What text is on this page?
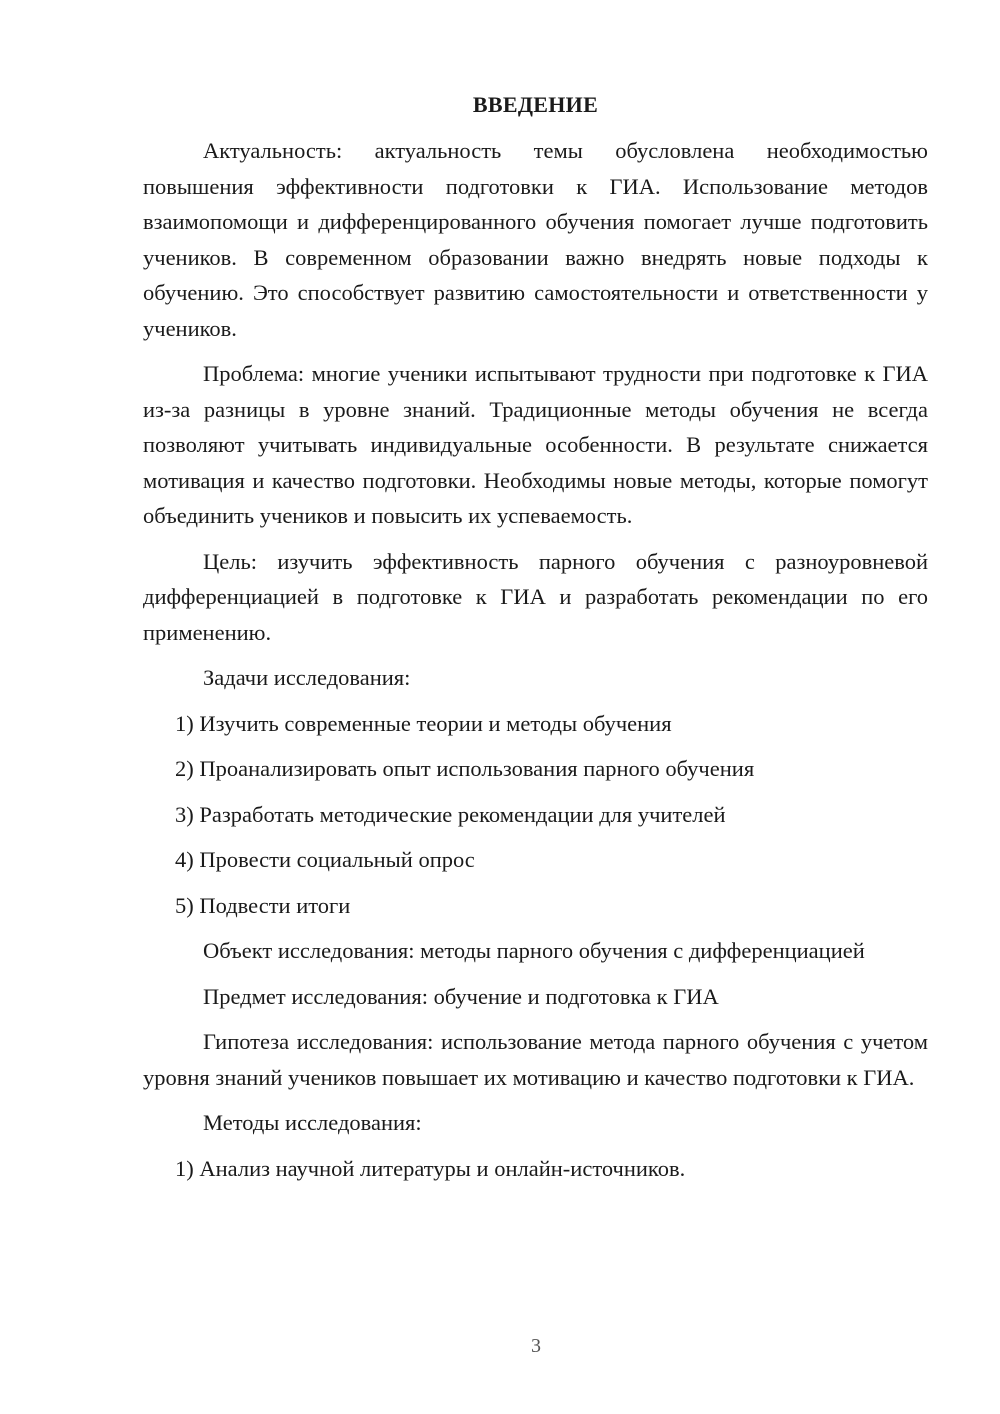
ВВЕДЕНИЕ

Актуальность: актуальность темы обусловлена необходимостью повышения эффективности подготовки к ГИА. Использование методов взаимопомощи и дифференцированного обучения помогает лучше подготовить учеников. В современном образовании важно внедрять новые подходы к обучению. Это способствует развитию самостоятельности и ответственности у учеников.

Проблема: многие ученики испытывают трудности при подготовке к ГИА из-за разницы в уровне знаний. Традиционные методы обучения не всегда позволяют учитывать индивидуальные особенности. В результате снижается мотивация и качество подготовки. Необходимы новые методы, которые помогут объединить учеников и повысить их успеваемость.

Цель: изучить эффективность парного обучения с разноуровневой дифференциацией в подготовке к ГИА и разработать рекомендации по его применению.

Задачи исследования:
1) Изучить современные теории и методы обучения
2) Проанализировать опыт использования парного обучения
3) Разработать методические рекомендации для учителей
4) Провести социальный опрос
5) Подвести итоги

Объект исследования: методы парного обучения с дифференциацией

Предмет исследования: обучение и подготовка к ГИА

Гипотеза исследования: использование метода парного обучения с учетом уровня знаний учеников повышает их мотивацию и качество подготовки к ГИА.

Методы исследования:
1) Анализ научной литературы и онлайн-источников.
3
